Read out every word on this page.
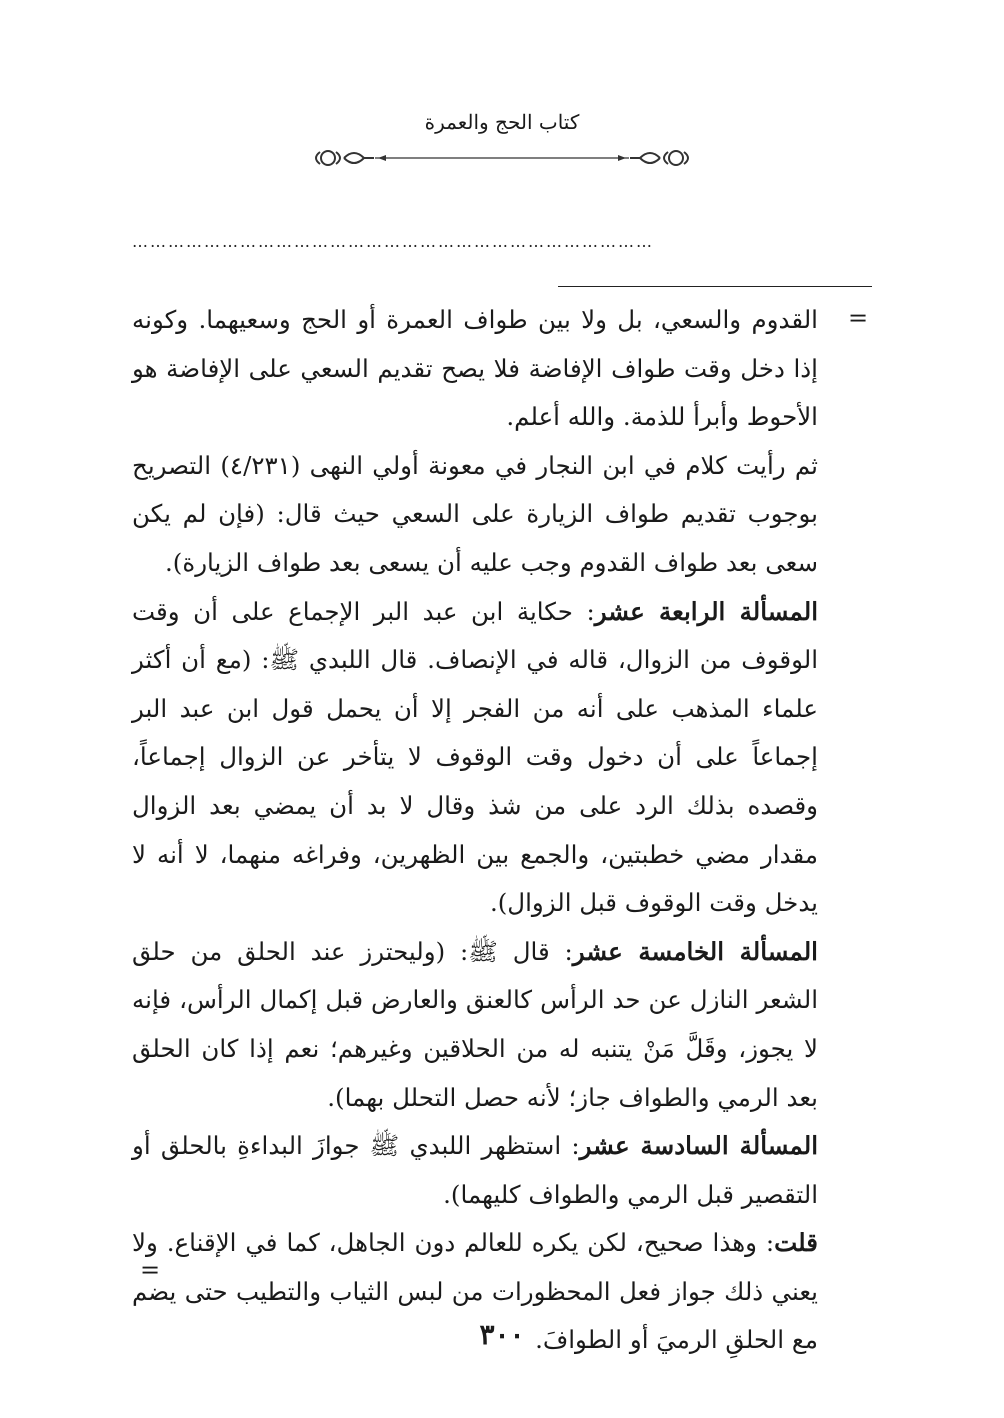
كتاب الحج والعمرة
……………………………………………………………………………
=
=

القدوم والسعي، بل ولا بين طواف العمرة أو الحج وسعيهما. وكونه إذا دخل وقت طواف الإفاضة فلا يصح تقديم السعي على الإفاضة هو الأحوط وأبرأ للذمة. والله أعلم.

ثم رأيت كلام في ابن النجار في معونة أولي النهى (٤/٢٣١) التصريح بوجوب تقديم طواف الزيارة على السعي حيث قال: (فإن لم يكن سعى بعد طواف القدوم وجب عليه أن يسعى بعد طواف الزيارة).

المسألة الرابعة عشر: حكاية ابن عبد البر الإجماع على أن وقت الوقوف من الزوال، قاله في الإنصاف. قال اللبدي ﷺ: (مع أن أكثر علماء المذهب على أنه من الفجر إلا أن يحمل قول ابن عبد البر إجماعاً على أن دخول وقت الوقوف لا يتأخر عن الزوال إجماعاً، وقصده بذلك الرد على من شذ وقال لا بد أن يمضي بعد الزوال مقدار مضي خطبتين، والجمع بين الظهرين، وفراغه منهما، لا أنه لا يدخل وقت الوقوف قبل الزوال).

المسألة الخامسة عشر: قال ﷺ: (وليحترز عند الحلق من حلق الشعر النازل عن حد الرأس كالعنق والعارض قبل إكمال الرأس، فإنه لا يجوز، وقَلَّ مَنْ يتنبه له من الحلاقين وغيرهم؛ نعم إذا كان الحلق بعد الرمي والطواف جاز؛ لأنه حصل التحلل بهما).

المسألة السادسة عشر: استظهر اللبدي ﷺ جوازَ البداءةِ بالحلق أو التقصير قبل الرمي والطواف كليهما).

قلت: وهذا صحيح، لكن يكره للعالم دون الجاهل، كما في الإقناع. ولا يعني ذلك جواز فعل المحظورات من لبس الثياب والتطيب حتى يضم مع الحلقِ الرميَ أو الطوافَ.

٣٠٠
